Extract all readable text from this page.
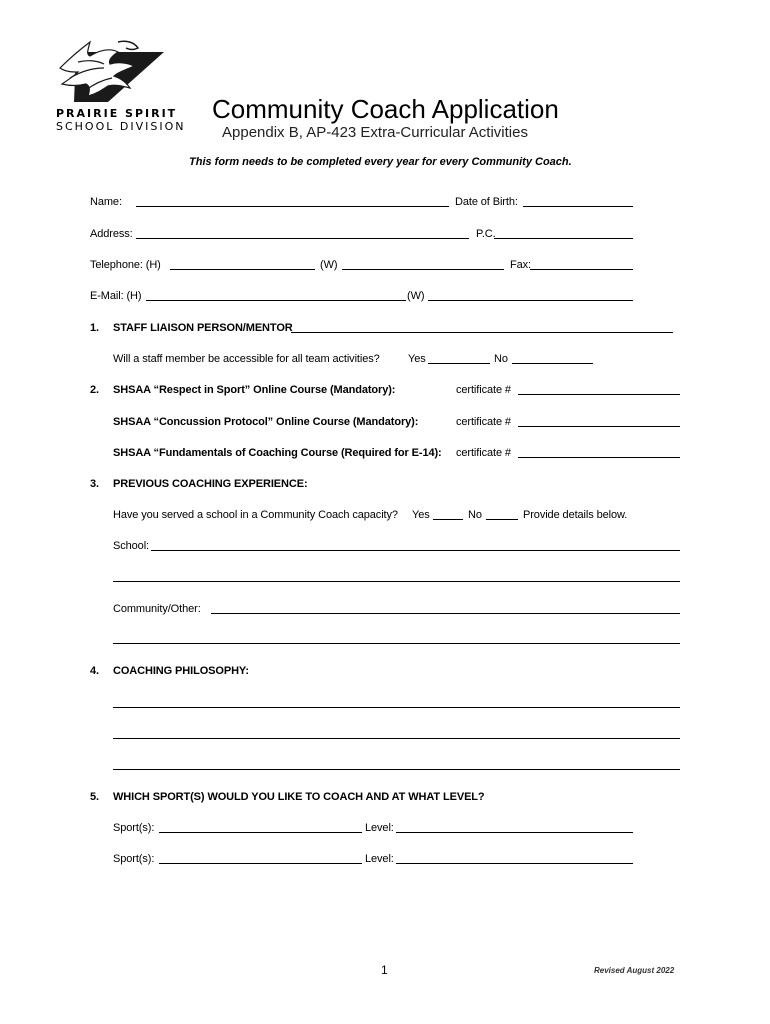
PRAIRIE SPIRIT
SCHOOL DIVISION
Community Coach Application
Appendix B, AP-423 Extra-Curricular Activities
This form needs to be completed every year for every Community Coach.
Name:	Date of Birth:
Address:	P.C.
Telephone: (H)	(W)	Fax:
E-Mail: (H)	(W)
1. STAFF LIAISON PERSON/MENTOR
Will a staff member be accessible for all team activities?	Yes	No
2. SHSAA “Respect in Sport” Online Course (Mandatory):	certificate #
SHSAA “Concussion Protocol” Online Course (Mandatory):	certificate #
SHSAA “Fundamentals of Coaching Course (Required for E-14): certificate #
3. PREVIOUS COACHING EXPERIENCE:
Have you served a school in a Community Coach capacity? Yes	No	Provide details below.
School:
Community/Other:
4. COACHING PHILOSOPHY:
5. WHICH SPORT(S) WOULD YOU LIKE TO COACH AND AT WHAT LEVEL?
Sport(s):	Level:
Sport(s):	Level:
1	Revised August 2022
